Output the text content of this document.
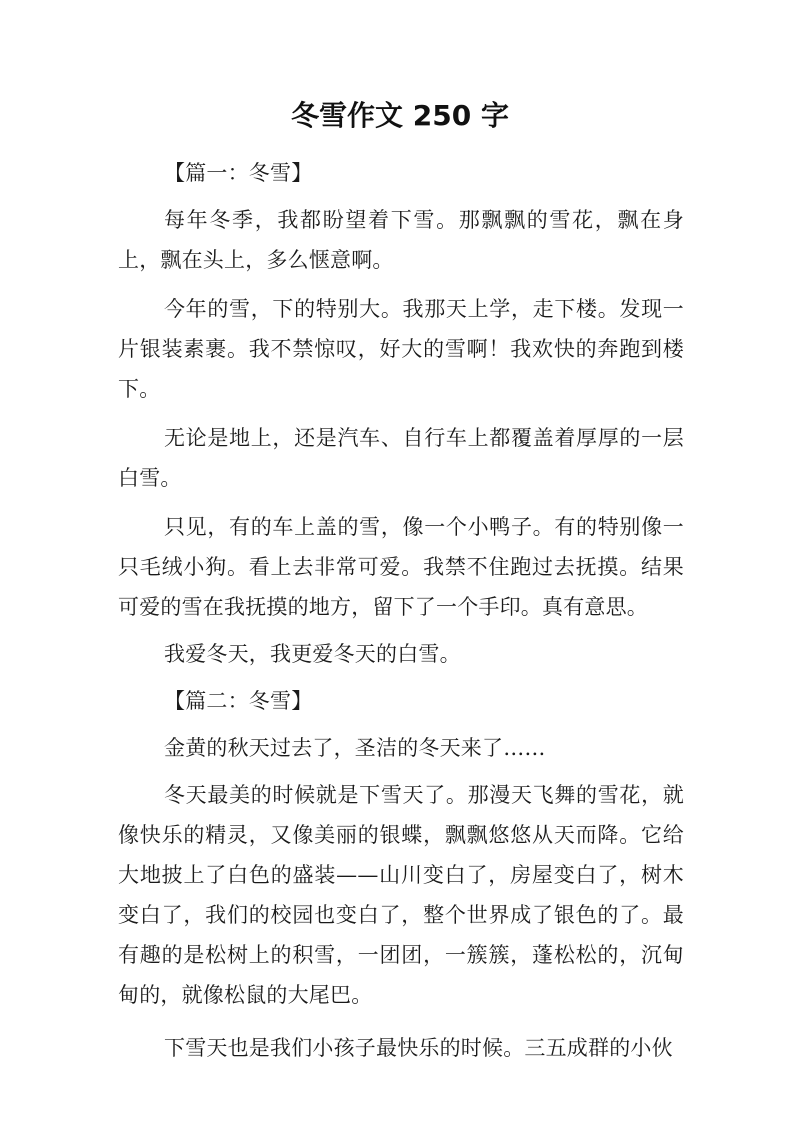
冬雪作文 250 字

【篇一：冬雪】

每年冬季，我都盼望着下雪。那飘飘的雪花，飘在身上，飘在头上，多么惬意啊。

今年的雪，下的特别大。我那天上学，走下楼。发现一片银装素裹。我不禁惊叹，好大的雪啊！我欢快的奔跑到楼下。

无论是地上，还是汽车、自行车上都覆盖着厚厚的一层白雪。

只见，有的车上盖的雪，像一个小鸭子。有的特别像一只毛绒小狗。看上去非常可爱。我禁不住跑过去抚摸。结果可爱的雪在我抚摸的地方，留下了一个手印。真有意思。

我爱冬天，我更爱冬天的白雪。

【篇二：冬雪】

金黄的秋天过去了，圣洁的冬天来了……

冬天最美的时候就是下雪天了。那漫天飞舞的雪花，就像快乐的精灵，又像美丽的银蝶，飘飘悠悠从天而降。它给大地披上了白色的盛装——山川变白了，房屋变白了，树木变白了，我们的校园也变白了，整个世界成了银色的了。最有趣的是松树上的积雪，一团团，一簇簇，蓬松松的，沉甸甸的，就像松鼠的大尾巴。

下雪天也是我们小孩子最快乐的时候。三五成群的小伙
